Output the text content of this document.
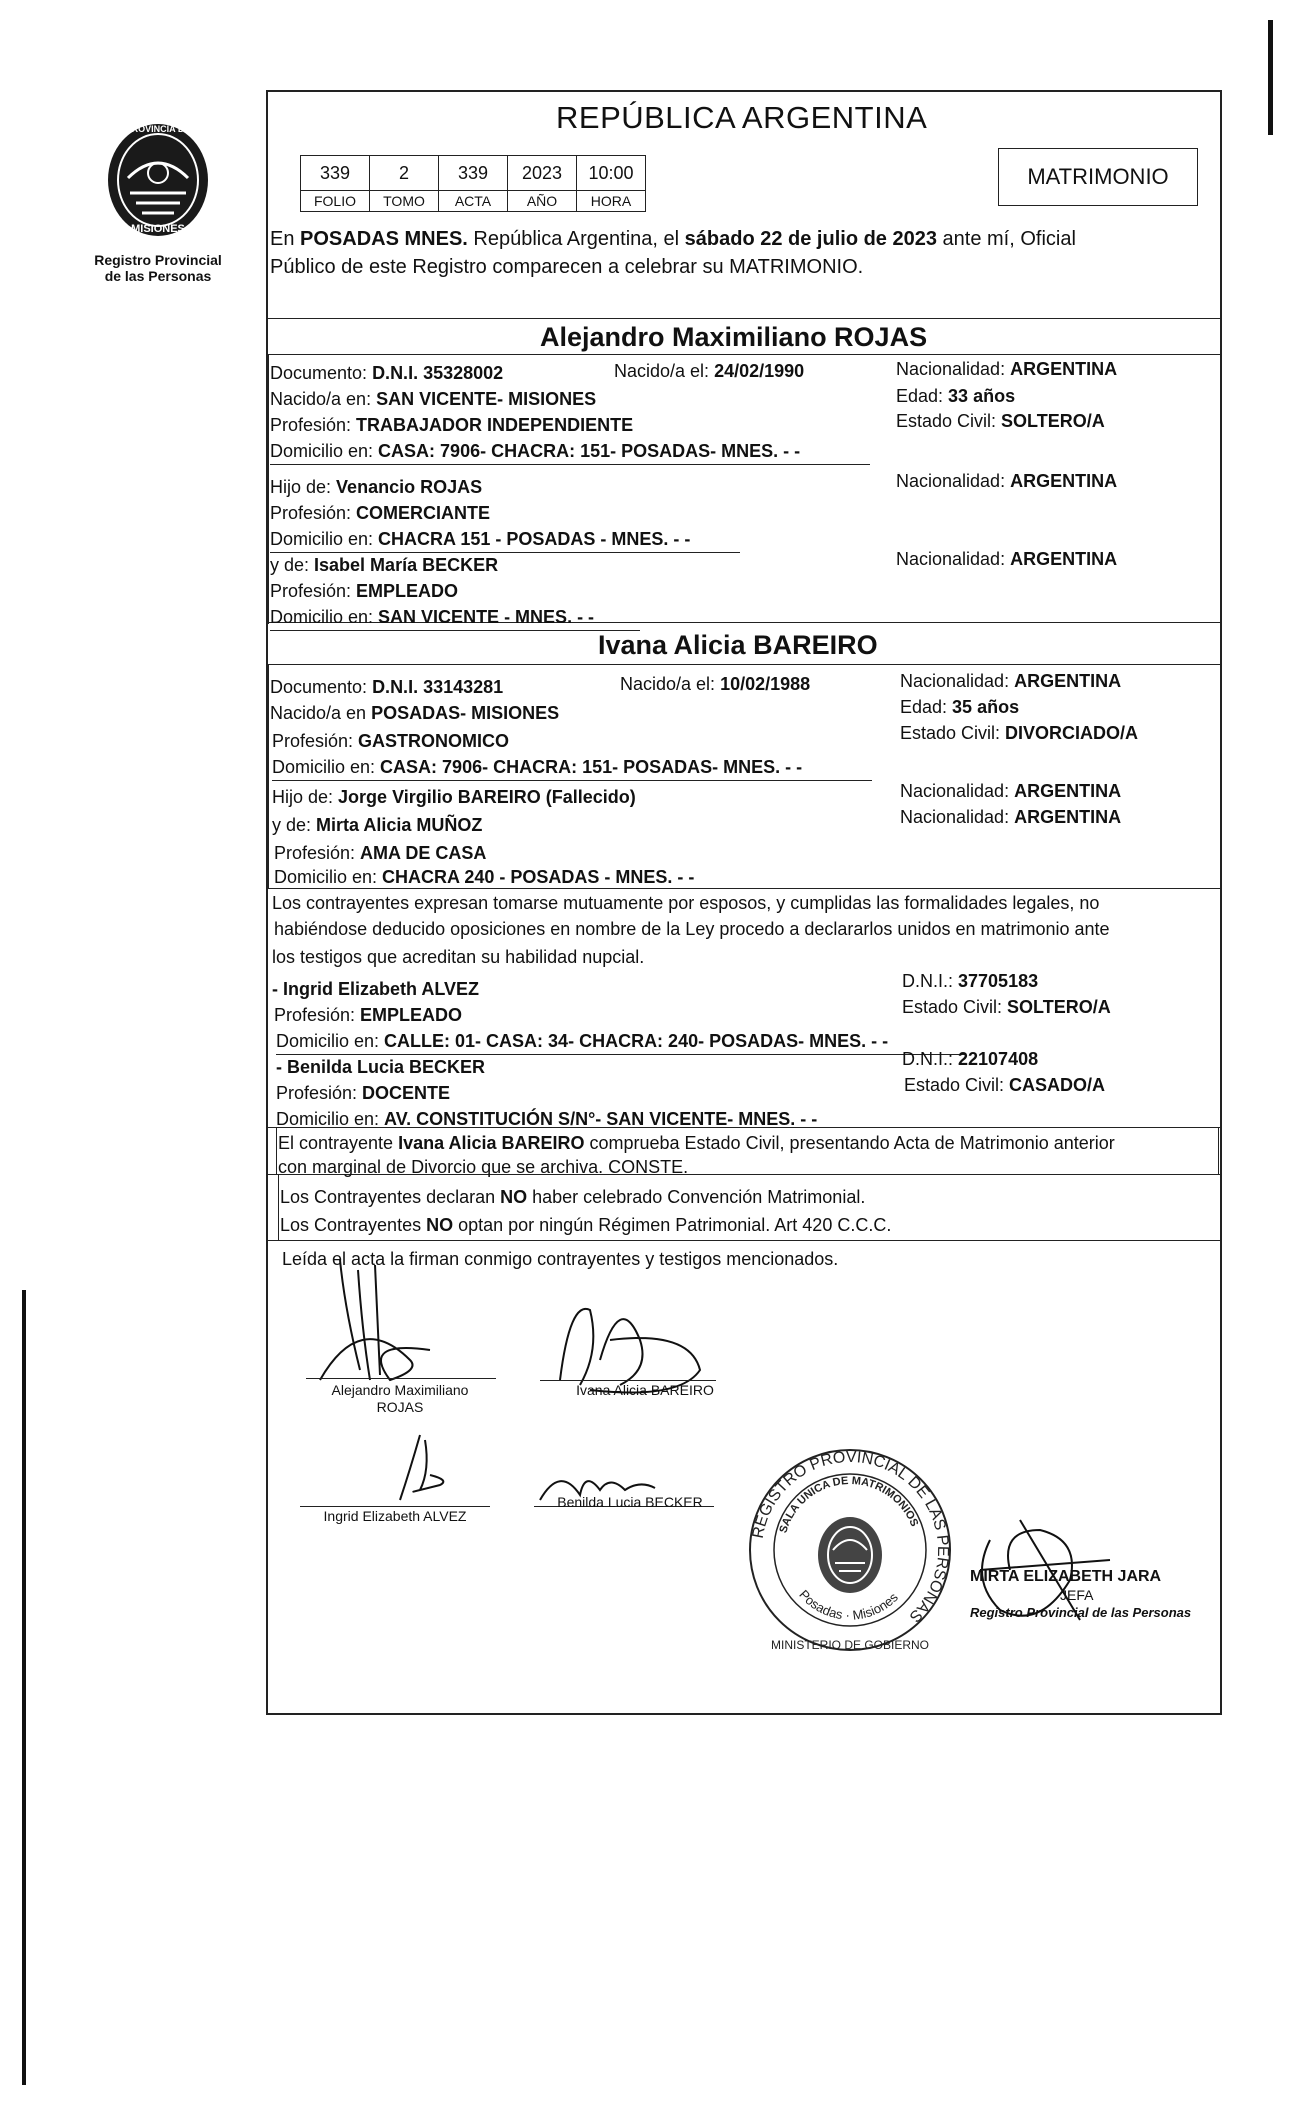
PROVINCIA DE
MISIONES
Registro Provincial
de las Personas
REPÚBLICA ARGENTINA
339	2	339	2023	10:00
FOLIO	TOMO	ACTA	AÑO	HORA
MATRIMONIO
En POSADAS MNES. República Argentina, el sábado 22 de julio de 2023 ante mí, Oficial
Público de este Registro comparecen a celebrar su MATRIMONIO.
Alejandro Maximiliano ROJAS
Documento: D.N.I. 35328002	Nacido/a el: 24/02/1990	Nacionalidad: ARGENTINA
Nacido/a en: SAN VICENTE- MISIONES	Edad: 33 años
Profesión: TRABAJADOR INDEPENDIENTE	Estado Civil: SOLTERO/A
Domicilio en: CASA: 7906- CHACRA: 151- POSADAS- MNES. - -
Hijo de: Venancio ROJAS	Nacionalidad: ARGENTINA
Profesión: COMERCIANTE
Domicilio en: CHACRA 151 - POSADAS - MNES. - -
y de: Isabel María BECKER	Nacionalidad: ARGENTINA
Profesión: EMPLEADO
Domicilio en: SAN VICENTE - MNES. - -
Ivana Alicia BAREIRO
Documento: D.N.I. 33143281	Nacido/a el: 10/02/1988	Nacionalidad: ARGENTINA
Nacido/a en POSADAS- MISIONES	Edad: 35 años
Profesión: GASTRONOMICO	Estado Civil: DIVORCIADO/A
Domicilio en: CASA: 7906- CHACRA: 151- POSADAS- MNES. - -
Hijo de: Jorge Virgilio BAREIRO (Fallecido)	Nacionalidad: ARGENTINA
y de: Mirta Alicia MUÑOZ	Nacionalidad: ARGENTINA
Profesión: AMA DE CASA
Domicilio en: CHACRA 240 - POSADAS - MNES. - -
Los contrayentes expresan tomarse mutuamente por esposos, y cumplidas las formalidades legales, no
habiéndose deducido oposiciones en nombre de la Ley procedo a declararlos unidos en matrimonio ante
los testigos que acreditan su habilidad nupcial.
- Ingrid Elizabeth ALVEZ	D.N.I.: 37705183
Profesión: EMPLEADO	Estado Civil: SOLTERO/A
Domicilio en: CALLE: 01- CASA: 34- CHACRA: 240- POSADAS- MNES. - -
- Benilda Lucia BECKER	D.N.I.: 22107408
Profesión: DOCENTE	Estado Civil: CASADO/A
Domicilio en: AV. CONSTITUCIÓN S/N°- SAN VICENTE- MNES. - -
El contrayente Ivana Alicia BAREIRO comprueba Estado Civil, presentando Acta de Matrimonio anterior
con marginal de Divorcio que se archiva. CONSTE.
Los Contrayentes declaran NO haber celebrado Convención Matrimonial.
Los Contrayentes NO optan por ningún Régimen Patrimonial. Art 420 C.C.C.
Leída el acta la firman conmigo contrayentes y testigos mencionados.
Alejandro Maximiliano
ROJAS
Ivana Alicia BAREIRO
Ingrid Elizabeth ALVEZ
Benilda Lucia BECKER
REGISTRO PROVINCIAL DE LAS PERSONAS
SALA UNICA DE MATRIMONIOS
Posadas · Misiones
MINISTERIO DE GOBIERNO
MIRTA ELIZABETH JARA
JEFA
Registro Provincial de las Personas
